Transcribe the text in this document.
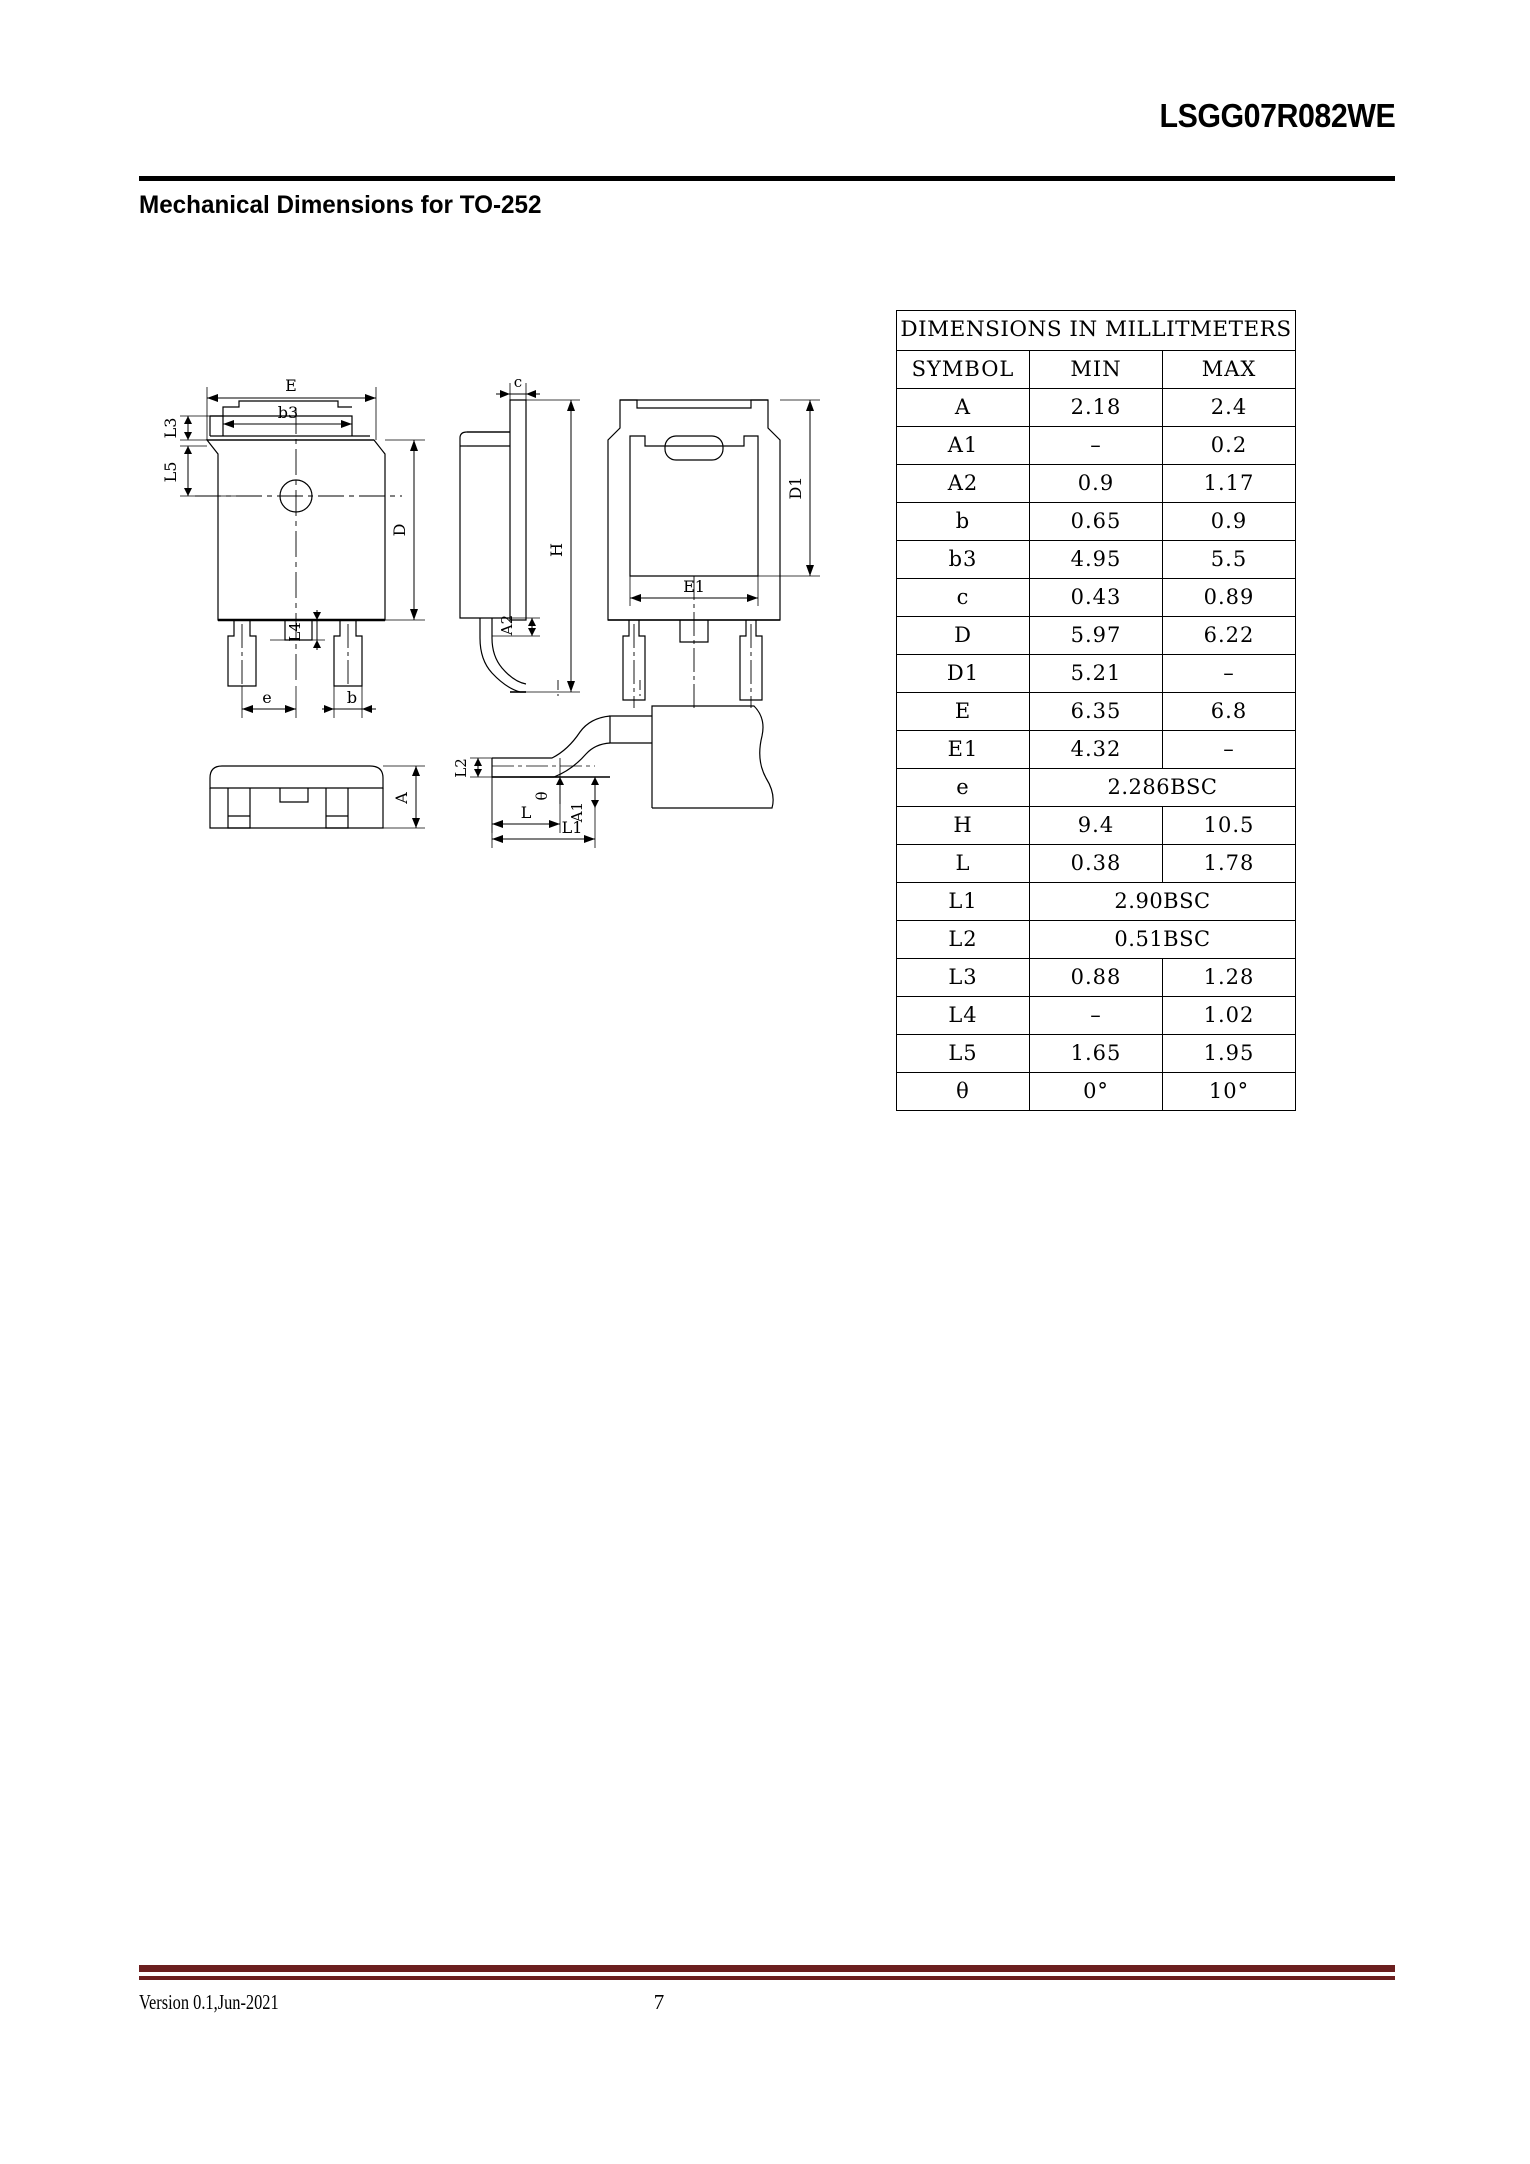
LSGG07R082WE
Mechanical Dimensions for TO-252
E
b3
L3
L5
D
L4
e	b
c
H
A2
D1
E1
A
L2
L
L1
θ
A1
DIMENSIONS IN MILLITMETERS		
SYMBOL	MIN	MAX
A	2.18	2.4
A1	–	0.2
A2	0.9	1.17
b	0.65	0.9
b3	4.95	5.5
c	0.43	0.89
D	5.97	6.22
D1	5.21	–
E	6.35	6.8
E1	4.32	–
e	2.286BSC	
H	9.4	10.5
L	0.38	1.78
L1	2.90BSC	
L2	0.51BSC	
L3	0.88	1.28
L4	–	1.02
L5	1.65	1.95
θ	0°	10°
Version 0.1,Jun-2021	7
